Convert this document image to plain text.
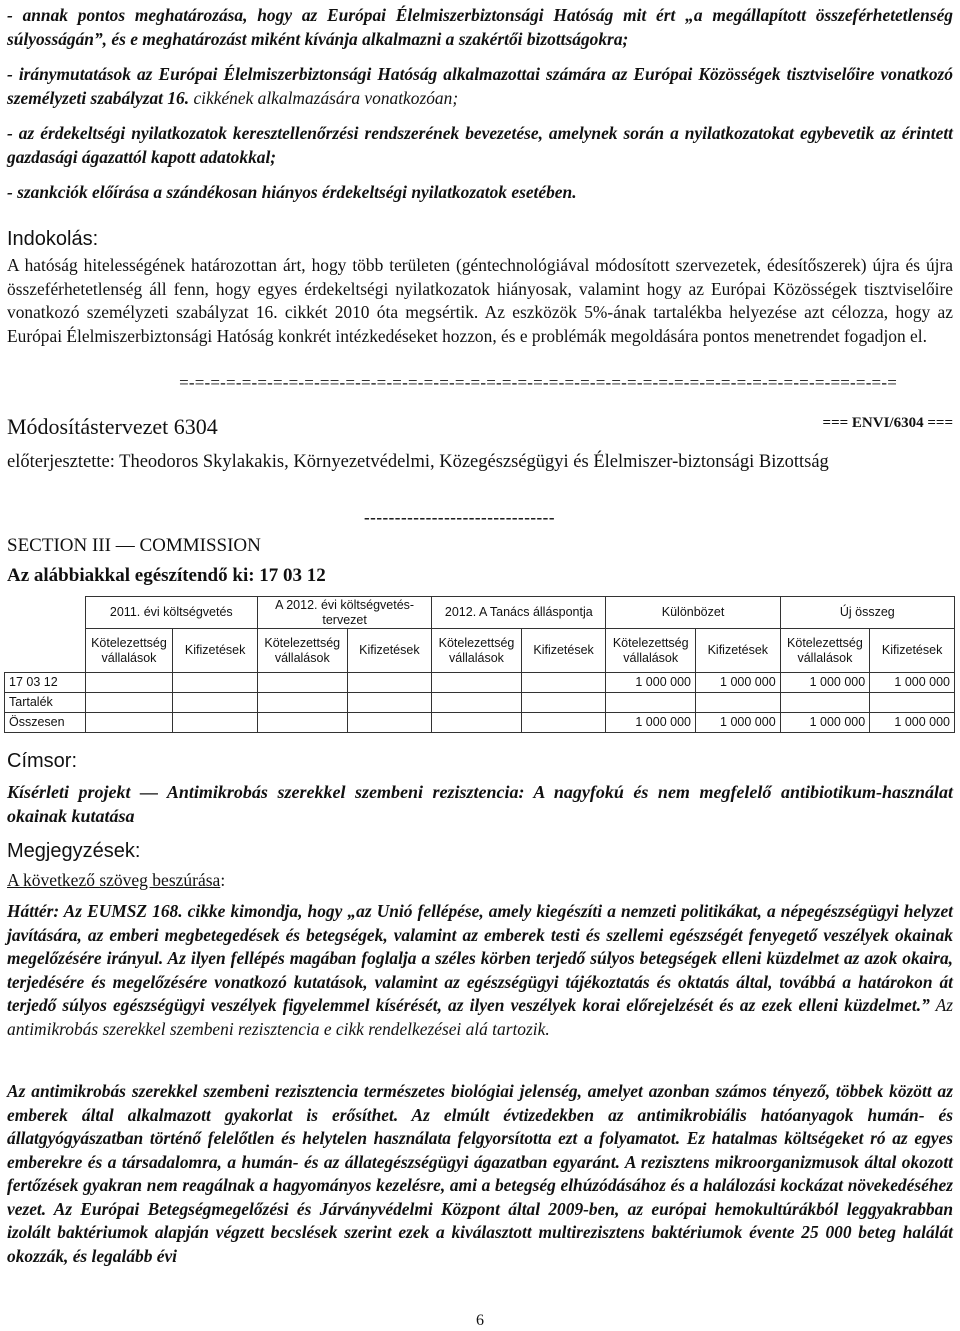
- annak pontos meghatározása, hogy az Európai Élelmiszerbiztonsági Hatóság mit ért „a megállapított összeférhetetlenség súlyosságán”, és e meghatározást miként kívánja alkalmazni a szakértői bizottságokra;

- iránymutatások az Európai Élelmiszerbiztonsági Hatóság alkalmazottai számára az Európai Közösségek tisztviselőire vonatkozó személyzeti szabályzat 16. cikkének alkalmazására vonatkozóan;

- az érdekeltségi nyilatkozatok keresztellenőrzési rendszerének bevezetése, amelynek során a nyilatkozatokat egybevetik az érintett gazdasági ágazattól kapott adatokkal;

- szankciók előírása a szándékosan hiányos érdekeltségi nyilatkozatok esetében.

Indokolás:

A hatóság hitelességének határozottan árt, hogy több területen (géntechnológiával módosított szervezetek, édesítőszerek) újra és újra összeférhetetlenség áll fenn, hogy egyes érdekeltségi nyilatkozatok hiányosak, valamint hogy az Európai Közösségek tisztviselőire vonatkozó személyzeti szabályzat 16. cikkét 2010 óta megsértik. Az eszközök 5%-ának tartalékba helyezése azt célozza, hogy az Európai Élelmiszerbiztonsági Hatóság konkrét intézkedéseket hozzon, és e problémák megoldására pontos menetrendet fogadjon el.

=-=-=-=-=-=-=-=-=-==-=-=-=-=-=-=-=-=-=-=-=-=-=-=-=-=-=-=-=-=-=-=-=-=-=-=-=-=-=-=-=-==-=-=-=
Módosítástervezet 6304	=== ENVI/6304 ===

előterjesztette: Theodoros Skylakakis, Környezetvédelmi, Közegészségügyi és Élelmiszer-biztonsági Bizottság

-------------------------------
SECTION III — COMMISSION
Az alábbiakkal egészítendő ki: 17 03 12
	2011. évi költségvetés		A 2012. évi költségvetés-tervezet		2012. A Tanács álláspontja		Különbözet		Új összeg	
	Kötelezettség vállalások	Kifizetések	Kötelezettség vállalások	Kifizetések	Kötelezettség vállalások	Kifizetések	Kötelezettség vállalások	Kifizetések	Kötelezettség vállalások	Kifizetések
17 03 12							1 000 000	1 000 000	1 000 000	1 000 000
Tartalék										
Összesen							1 000 000	1 000 000	1 000 000	1 000 000
Címsor:

Kísérleti projekt — Antimikrobás szerekkel szembeni rezisztencia: A nagyfokú és nem megfelelő antibiotikum-használat okainak kutatása

Megjegyzések:
A következő szöveg beszúrása:

Háttér: Az EUMSZ 168. cikke kimondja, hogy „az Unió fellépése, amely kiegészíti a nemzeti politikákat, a népegészségügyi helyzet javítására, az emberi megbetegedések és betegségek, valamint az emberek testi és szellemi egészségét fenyegető veszélyek okainak megelőzésére irányul. Az ilyen fellépés magában foglalja a széles körben terjedő súlyos betegségek elleni küzdelmet az azok okaira, terjedésére és megelőzésére vonatkozó kutatások, valamint az egészségügyi tájékoztatás és oktatás által, továbbá a határokon át terjedő súlyos egészségügyi veszélyek figyelemmel kísérését, az ilyen veszélyek korai előrejelzését és az ezek elleni küzdelmet.” Az antimikrobás szerekkel szembeni rezisztencia e cikk rendelkezései alá tartozik.

Az antimikrobás szerekkel szembeni rezisztencia természetes biológiai jelenség, amelyet azonban számos tényező, többek között az emberek által alkalmazott gyakorlat is erősíthet. Az elmúlt évtizedekben az antimikrobiális hatóanyagok humán- és állatgyógyászatban történő felelőtlen és helytelen használata felgyorsította ezt a folyamatot. Ez hatalmas költségeket ró az egyes emberekre és a társadalomra, a humán- és az állategészségügyi ágazatban egyaránt. A rezisztens mikroorganizmusok által okozott fertőzések gyakran nem reagálnak a hagyományos kezelésre, ami a betegség elhúzódásához és a halálozási kockázat növekedéséhez vezet. Az Európai Betegségmegelőzési és Járványvédelmi Központ által 2009-ben, az európai hemokultúrákból leggyakrabban izolált baktériumok alapján végzett becslések szerint ezek a kiválasztott multirezisztens baktériumok évente 25 000 beteg halálát okozzák, és legalább évi

6
